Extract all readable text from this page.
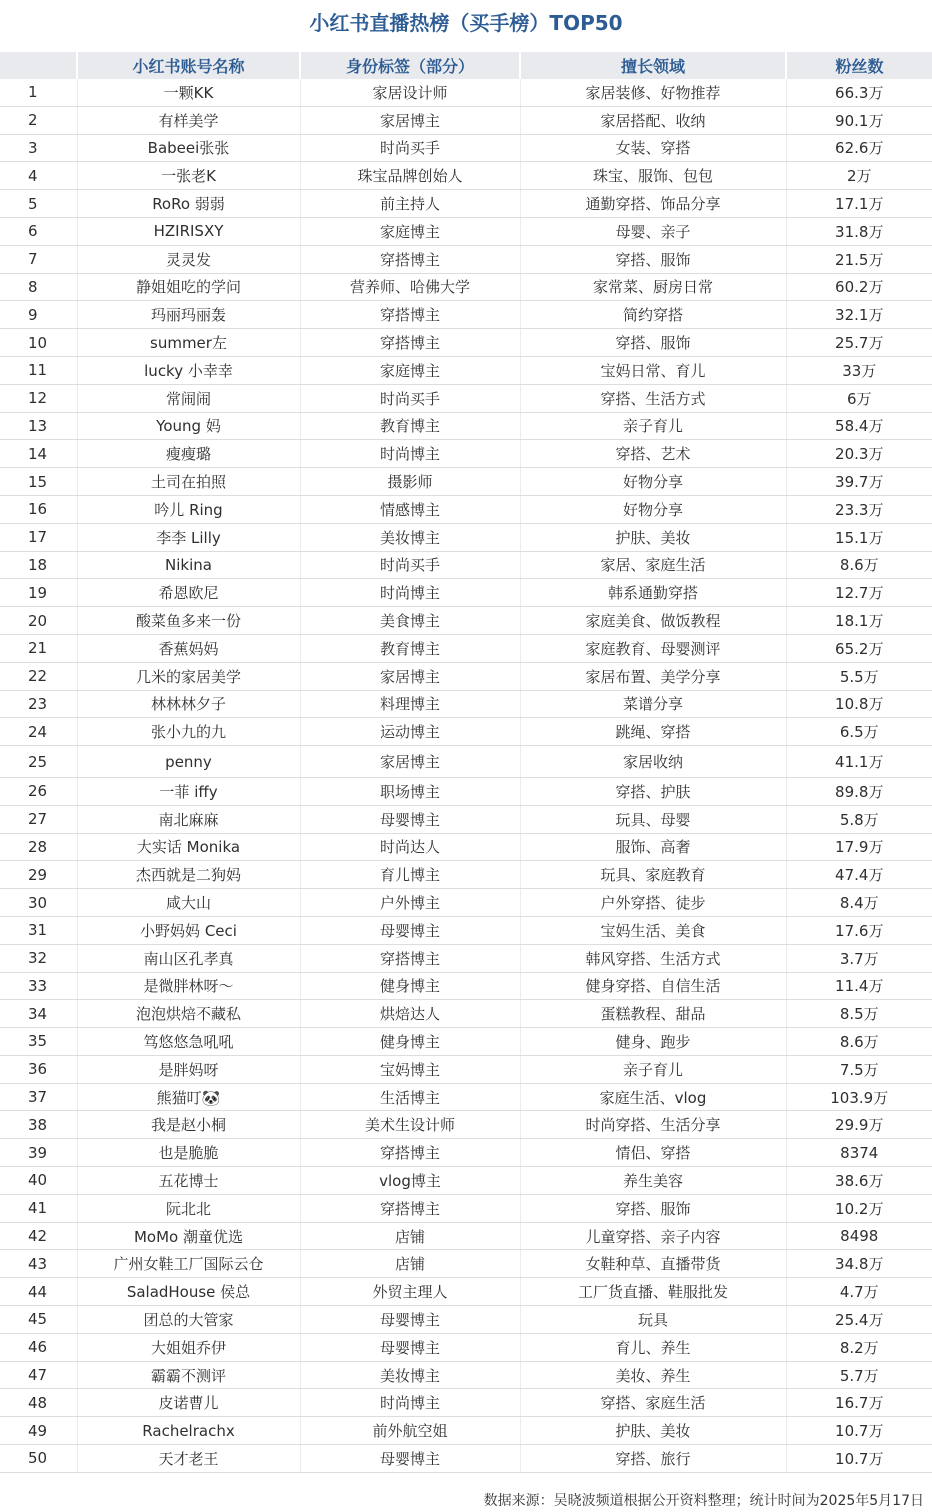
小红书直播热榜（买手榜）TOP50
	小红书账号名称	身份标签（部分）	擅长领域	粉丝数
1	一颗KK	家居设计师	家居装修、好物推荐	66.3万
2	有样美学	家居博主	家居搭配、收纳	90.1万
3	Babeei张张	时尚买手	女装、穿搭	62.6万
4	一张老K	珠宝品牌创始人	珠宝、服饰、包包	2万
5	RoRo 弱弱	前主持人	通勤穿搭、饰品分享	17.1万
6	HZIRISXY	家庭博主	母婴、亲子	31.8万
7	灵灵发	穿搭博主	穿搭、服饰	21.5万
8	静姐姐吃的学问	营养师、哈佛大学	家常菜、厨房日常	60.2万
9	玛丽玛丽轰	穿搭博主	简约穿搭	32.1万
10	summer左	穿搭博主	穿搭、服饰	25.7万
11	lucky 小幸幸	家庭博主	宝妈日常、育儿	33万
12	常闹闹	时尚买手	穿搭、生活方式	6万
13	Young 妈	教育博主	亲子育儿	58.4万
14	瘦瘦璐	时尚博主	穿搭、艺术	20.3万
15	土司在拍照	摄影师	好物分享	39.7万
16	吟儿 Ring	情感博主	好物分享	23.3万
17	李李 Lilly	美妆博主	护肤、美妆	15.1万
18	Nikina	时尚买手	家居、家庭生活	8.6万
19	希恩欧尼	时尚博主	韩系通勤穿搭	12.7万
20	酸菜鱼多来一份	美食博主	家庭美食、做饭教程	18.1万
21	香蕉妈妈	教育博主	家庭教育、母婴测评	65.2万
22	几米的家居美学	家居博主	家居布置、美学分享	5.5万
23	林林林夕子	料理博主	菜谱分享	10.8万
24	张小九的九	运动博主	跳绳、穿搭	6.5万
25	penny	家居博主	家居收纳	41.1万
26	一菲 iffy	职场博主	穿搭、护肤	89.8万
27	南北麻麻	母婴博主	玩具、母婴	5.8万
28	大实话 Monika	时尚达人	服饰、高奢	17.9万
29	杰西就是二狗妈	育儿博主	玩具、家庭教育	47.4万
30	咸大山	户外博主	户外穿搭、徒步	8.4万
31	小野妈妈 Ceci	母婴博主	宝妈生活、美食	17.6万
32	南山区孔孝真	穿搭博主	韩风穿搭、生活方式	3.7万
33	是微胖林呀～	健身博主	健身穿搭、自信生活	11.4万
34	泡泡烘焙不藏私	烘焙达人	蛋糕教程、甜品	8.5万
35	笃悠悠急吼吼	健身博主	健身、跑步	8.6万
36	是胖妈呀	宝妈博主	亲子育儿	7.5万
37	熊猫叮🐼	生活博主	家庭生活、vlog	103.9万
38	我是赵小桐	美术生设计师	时尚穿搭、生活分享	29.9万
39	也是脆脆	穿搭博主	情侣、穿搭	8374
40	五花博士	vlog博主	养生美容	38.6万
41	阮北北	穿搭博主	穿搭、服饰	10.2万
42	MoMo 潮童优选	店铺	儿童穿搭、亲子内容	8498
43	广州女鞋工厂国际云仓	店铺	女鞋种草、直播带货	34.8万
44	SaladHouse 侯总	外贸主理人	工厂货直播、鞋服批发	4.7万
45	团总的大管家	母婴博主	玩具	25.4万
46	大姐姐乔伊	母婴博主	育儿、养生	8.2万
47	霸霸不测评	美妆博主	美妆、养生	5.7万
48	皮诺曹儿	时尚博主	穿搭、家庭生活	16.7万
49	Rachelrachx	前外航空姐	护肤、美妆	10.7万
50	天才老王	母婴博主	穿搭、旅行	10.7万
数据来源：吴晓波频道根据公开资料整理；统计时间为2025年5月17日
